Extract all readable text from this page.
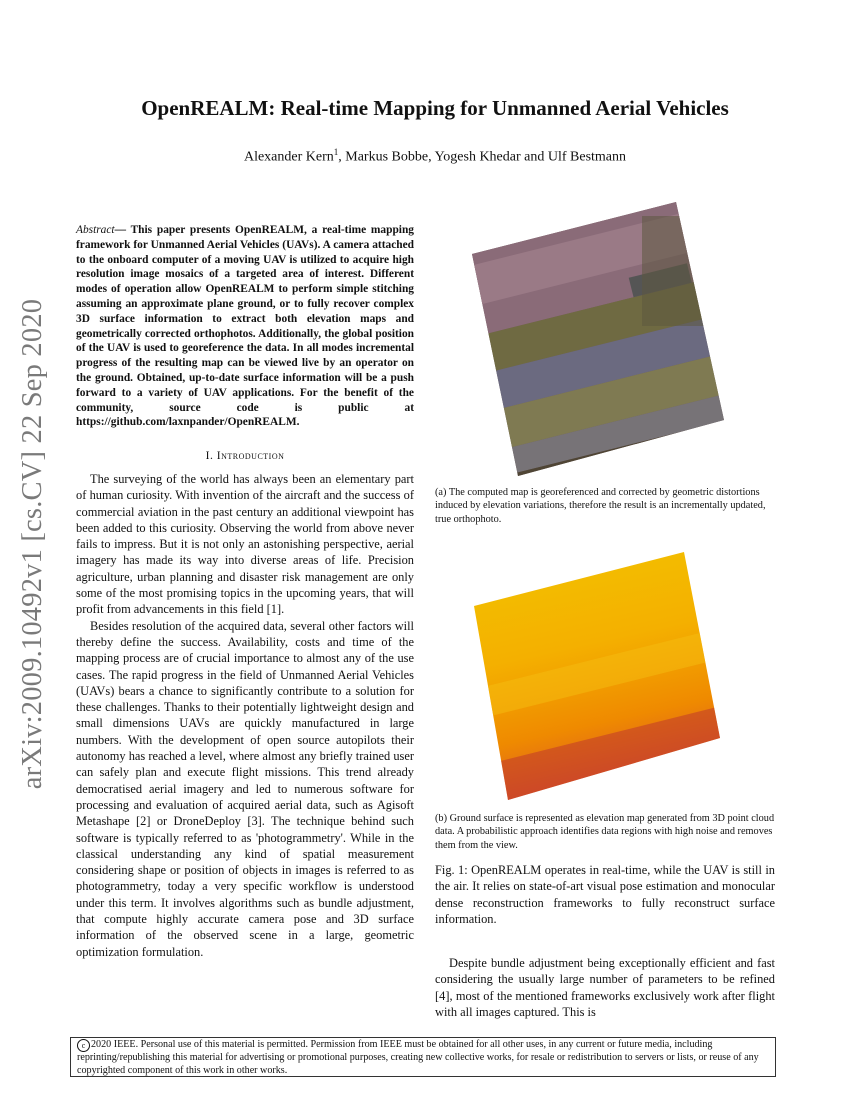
arXiv:2009.10492v1 [cs.CV] 22 Sep 2020
OpenREALM: Real-time Mapping for Unmanned Aerial Vehicles
Alexander Kern$^1$, Markus Bobbe, Yogesh Khedar and Ulf Bestmann
Abstract— This paper presents OpenREALM, a real-time mapping framework for Unmanned Aerial Vehicles (UAVs). A camera attached to the onboard computer of a moving UAV is utilized to acquire high resolution image mosaics of a targeted area of interest. Different modes of operation allow OpenREALM to perform simple stitching assuming an approximate plane ground, or to fully recover complex 3D surface information to extract both elevation maps and geometrically corrected orthophotos. Additionally, the global position of the UAV is used to georeference the data. In all modes incremental progress of the resulting map can be viewed live by an operator on the ground. Obtained, up-to-date surface information will be a push forward to a variety of UAV applications. For the benefit of the community, source code is public at https://github.com/laxnpander/OpenREALM.
I. Introduction

The surveying of the world has always been an elementary part of human curiosity. With invention of the aircraft and the success of commercial aviation in the past century an additional viewpoint has been added to this curiosity. Observing the world from above never fails to impress. But it is not only an astonishing perspective, aerial imagery has made its way into diverse areas of life. Precision agriculture, urban planning and disaster risk management are only some of the most promising topics in the upcoming years, that will profit from advancements in this field [1].

Besides resolution of the acquired data, several other factors will thereby define the success. Availability, costs and time of the mapping process are of crucial importance to almost any of the use cases. The rapid progress in the field of Unmanned Aerial Vehicles (UAVs) bears a chance to significantly contribute to a solution for these challenges. Thanks to their potentially lightweight design and small dimensions UAVs are quickly manufactured in large numbers. With the development of open source autopilots their autonomy has reached a level, where almost any briefly trained user can safely plan and execute flight missions. This trend already democratised aerial imagery and led to numerous software for processing and evaluation of acquired aerial data, such as Agisoft Metashape [2] or DroneDeploy [3]. The technique behind such software is typically referred to as 'photogrammetry'. While in the classical understanding any kind of spatial measurement considering shape or position of objects in images is referred to as photogrammetry, today a very specific workflow is understood under this term. It involves algorithms such as bundle adjustment, that compute highly accurate camera pose and 3D surface information of the observed scene in a large, geometric optimization formulation.

(a) The computed map is georeferenced and corrected by geometric distortions induced by elevation variations, therefore the result is an incrementally updated, true orthophoto.
(b) Ground surface is represented as elevation map generated from 3D point cloud data. A probabilistic approach identifies data regions with high noise and removes them from the view.
Fig. 1: OpenREALM operates in real-time, while the UAV is still in the air. It relies on state-of-art visual pose estimation and monocular dense reconstruction frameworks to fully reconstruct surface information.

Despite bundle adjustment being exceptionally efficient and fast considering the usually large number of parameters to be refined [4], most of the mentioned frameworks exclusively work after flight with all images captured. This is

c 2020 IEEE. Personal use of this material is permitted. Permission from IEEE must be obtained for all other uses, in any current or future media, including reprinting/republishing this material for advertising or promotional purposes, creating new collective works, for resale or redistribution to servers or lists, or reuse of any copyrighted component of this work in other works.
